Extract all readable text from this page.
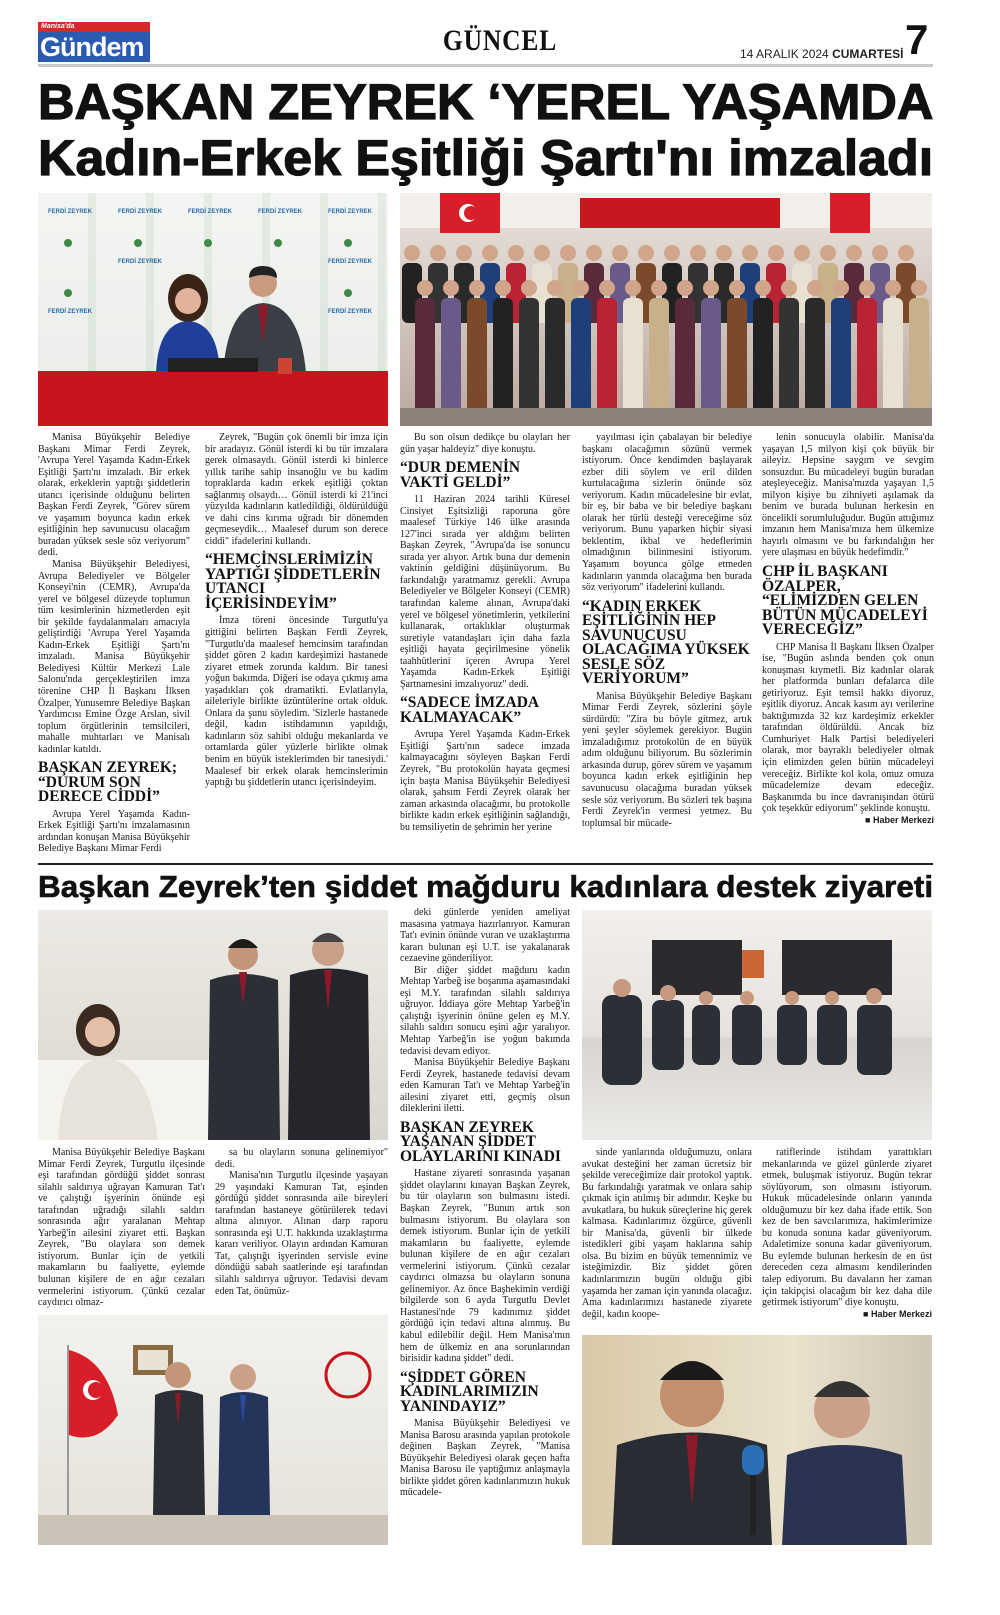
Manisa'da
Gündem	GÜNCEL	14 ARALIK 2024 CUMARTESİ 7
BAŞKAN ZEYREK ‘YEREL YAŞAMDA
Kadın-Erkek Eşitliği Şartı'nı imzaladı
FERDİ ZEYREK	FERDİ ZEYREK	FERDİ ZEYREK	FERDİ ZEYREK	FERDİ ZEYREK
FERDİ ZEYREK
FERDİ ZEYREK
FERDİ ZEYREK
FERDİ ZEYREK

Manisa Büyükşehir Belediye Başkanı Mimar Ferdi Zeyrek, 'Avrupa Yerel Yaşamda Kadın-Erkek Eşitliği Şartı'nı imzaladı. Bir erkek olarak, erkeklerin yaptığı şiddetlerin utancı içerisinde olduğunu belirten Başkan Ferdi Zeyrek, "Görev sürem ve yaşamım boyunca kadın erkek eşitliğinin hep savunucusu olacağım buradan yüksek sesle söz veriyorum" dedi.

Manisa Büyükşehir Belediyesi, Avrupa Belediyeler ve Bölgeler Konseyi'nin (CEMR), Avrupa'da yerel ve bölgesel düzeyde toplumun tüm kesimlerinin hizmetlerden eşit bir şekilde faydalanmaları amacıyla geliştirdiği 'Avrupa Yerel Yaşamda Kadın-Erkek Eşitliği Şartı'nı imzaladı. Manisa Büyükşehir Belediyesi Kültür Merkezi Lale Salonu'nda gerçekleştirilen imza törenine CHP İl Başkanı İlksen Özalper, Yunusemre Belediye Başkan Yardımcısı Emine Özge Arslan, sivil toplum örgütlerinin temsilcileri, mahalle muhtarları ve Manisalı kadınlar katıldı.

BAŞKAN ZEYREK; “DURUM SON DERECE CİDDİ”

Avrupa Yerel Yaşamda Kadın-Erkek Eşitliği Şartı'nı imzalamasının ardından konuşan Manisa Büyükşehir Belediye Başkanı Mimar Ferdi

Zeyrek, "Bugün çok önemli bir imza için bir aradayız. Gönül isterdi ki bu tür imzalara gerek olmasaydı. Gönül isterdi ki binlerce yıllık tarihe sahip insanoğlu ve bu kadim topraklarda kadın erkek eşitliği çoktan sağlanmış olsaydı… Gönül isterdi ki 21'inci yüzyılda kadınların katledildiği, öldürüldüğü ve dahi cins kırıma uğradı bir dönemden geçmeseydik… Maalesef durum son derece ciddi" ifadelerini kullandı.

“HEMCİNSLERİMİZİN YAPTIĞI ŞİDDETLERİN UTANCI İÇERİSİNDEYİM”

İmza töreni öncesinde Turgutlu'ya gittiğini belirten Başkan Ferdi Zeyrek, "Turgutlu'da maalesef hemcinsim tarafından şiddet gören 2 kadın kardeşimizi hastanede ziyaret etmek zorunda kaldım. Bir tanesi yoğun bakımda. Diğeri ise odaya çıkmış ama yaşadıkları çok dramatikti. Evlatlarıyla, aileleriyle birlikte üzüntülerine ortak olduk. Onlara da şunu söyledim. 'Sizlerle hastanede değil, kadın istihdamının yapıldığı, kadınların söz sahibi olduğu mekanlarda ve ortamlarda güler yüzlerle birlikte olmak benim en büyük isteklerimden bir tanesiydi.' Maalesef bir erkek olarak hemcinslerimin yaptığı bu şiddetlerin utancı içerisindeyim.

Bu son olsun dedikçe bu olayları her gün yaşar haldeyiz" diye konuştu.

“DUR DEMENİN VAKTİ GELDİ”

11 Haziran 2024 tarihli Küresel Cinsiyet Eşitsizliği raporuna göre maalesef Türkiye 146 ülke arasında 127'inci sırada yer aldığını belirten Başkan Zeyrek, "Avrupa'da ise sonuncu sırada yer alıyor. Artık buna dur demenin vaktinin geldiğini düşünüyorum. Bu farkındalığı yaratmamız gerekli. Avrupa Belediyeler ve Bölgeler Konseyi (CEMR) tarafından kaleme alınan, Avrupa'daki yerel ve bölgesel yönetimlerin, yetkilerini kullanarak, ortaklıklar oluşturmak suretiyle vatandaşları için daha fazla eşitliği hayata geçirilmesine yönelik taahhütlerini içeren Avrupa Yerel Yaşamda Kadın-Erkek Eşitliği Şartnamesini imzalıyoruz" dedi.

“SADECE İMZADA KALMAYACAK”

Avrupa Yerel Yaşamda Kadın-Erkek Eşitliği Şartı'nın sadece imzada kalmayacağını söyleyen Başkan Ferdi Zeyrek, "Bu protokolün hayata geçmesi için başta Manisa Büyükşehir Belediyesi olarak, şahsım Ferdi Zeyrek olarak her zaman arkasında olacağımı, bu protokolle birlikte kadın erkek eşitliğinin sağlandığı, bu temsiliyetin de şehrimin her yerine

yayılması için çabalayan bir belediye başkanı olacağımın sözünü vermek istiyorum. Önce kendimden başlayarak ezber dili söylem ve eril dilden kurtulacağıma sizlerin önünde söz veriyorum. Kadın mücadelesine bir evlat, bir eş, bir baba ve bir belediye başkanı olarak her türlü desteği vereceğime söz veriyorum. Bunu yaparken hiçbir siyasi beklentim, ikbal ve hedeflerimin olmadığının bilinmesini istiyorum. Yaşamım boyunca gölge etmeden kadınların yanında olacağıma ben burada söz veriyorum" ifadelerini kullandı.

“KADIN ERKEK EŞİTLİĞİNİN HEP SAVUNUCUSU OLACAĞIMA YÜKSEK SESLE SÖZ VERİYORUM”

Manisa Büyükşehir Belediye Başkanı Mimar Ferdi Zeyrek, sözlerini şöyle sürdürdü: "Zira bu böyle gitmez, artık yeni şeyler söylemek gerekiyor. Bugün imzaladığımız protokolün de en büyük adım olduğunu biliyorum. Bu sözlerimin arkasında durup, görev sürem ve yaşamım boyunca kadın erkek eşitliğinin hep savunucusu olacağıma buradan yüksek sesle söz veriyorum. Bu sözleri tek başına Ferdi Zeyrek'in vermesi yetmez. Bu toplumsal bir mücade-

lenin sonucuyla olabilir. Manisa'da yaşayan 1,5 milyon kişi çok büyük bir aileyiz. Hepsine saygım ve sevgim sonsuzdur. Bu mücadeleyi bugün buradan ateşleyeceğiz. Manisa'mızda yaşayan 1,5 milyon kişiye bu zihniyeti aşılamak da benim ve burada bulunan herkesin en öncelikli sorumluluğudur. Bugün attığımız imzanın hem Manisa'mıza hem ülkemize hayırlı olmasını ve bu farkındalığın her yere ulaşması en büyük hedefimdir."

CHP İL BAŞKANI ÖZALPER, “ELİMİZDEN GELEN BÜTÜN MÜCADELEYİ VERECEĞİZ”

CHP Manisa İl Başkanı İlksen Özalper ise, "Bugün aslında benden çok onun konuşması kıymetli. Biz kadınlar olarak her platformda bunları defalarca dile getiriyoruz. Eşit temsil hakkı diyoruz, eşitlik diyoruz. Ancak kasım ayı verilerine baktığımızda 32 kız kardeşimiz erkekler tarafından öldürüldü. Ancak biz Cumhuriyet Halk Partisi belediyeleri olarak, mor bayraklı belediyeler olmak için elimizden gelen bütün mücadeleyi vereceğiz. Birlikte kol kola, omuz omuza mücadelemize devam edeceğiz. Başkanımda bu ince davranışından ötürü çok teşekkür ediyorum" şeklinde konuştu.

■ Haber Merkezi

Başkan Zeyrek’ten şiddet mağduru kadınlara destek ziyareti

Manisa Büyükşehir Belediye Başkanı Mimar Ferdi Zeyrek, Turgutlu ilçesinde eşi tarafından gördüğü şiddet sonrası silahlı saldırıya uğrayan Kamuran Tat'ı ve çalıştığı işyerinin önünde eşi tarafından uğradığı silahlı saldırı sonrasında ağır yaralanan Mehtap Yarbeğ'in ailesini ziyaret etti. Başkan Zeyrek, "Bu olaylara son demek istiyorum. Bunlar için de yetkili makamların bu faaliyette, eylemde bulunan kişilere de en ağır cezaları vermelerini istiyorum. Çünkü cezalar caydırıcı olmaz-

sa bu olayların sonuna gelinemiyor" dedi.

Manisa'nın Turgutlu ilçesinde yaşayan 29 yaşındaki Kamuran Tat, eşinden gördüğü şiddet sonrasında aile bireyleri tarafından hastaneye götürülerek tedavi altına alınıyor. Alınan darp raporu sonrasında eşi U.T. hakkında uzaklaştırma kararı veriliyor. Olayın ardından Kamuran Tat, çalıştığı işyerinden servisle evine döndüğü sabah saatlerinde eşi tarafından silahlı saldırıya uğruyor. Tedavisi devam eden Tat, önümüz-

deki günlerde yeniden ameliyat masasına yatmaya hazırlanıyor. Kamuran Tat'ı evinin önünde vuran ve uzaklaştırma kararı bulunan eşi U.T. ise yakalanarak cezaevine gönderiliyor.

Bir diğer şiddet mağduru kadın Mehtap Yarbeğ ise boşanma aşamasındaki eşi M.Y. tarafından silahlı saldırıya uğruyor. İddiaya göre Mehtap Yarbeğ'in çalıştığı işyerinin önüne gelen eş M.Y. silahlı saldırı sonucu eşini ağır yaralıyor. Mehtap Yarbeğ'in ise yoğun bakımda tedavisi devam ediyor.

Manisa Büyükşehir Belediye Başkanı Ferdi Zeyrek, hastanede tedavisi devam eden Kamuran Tat'ı ve Mehtap Yarbeğ'in ailesini ziyaret etti, geçmiş olsun dileklerini iletti.

BAŞKAN ZEYREK YAŞANAN ŞİDDET OLAYLARINI KINADI

Hastane ziyareti sonrasında yaşanan şiddet olaylarını kınayan Başkan Zeyrek, bu tür olayların son bulmasını istedi. Başkan Zeyrek, "Bunun artık son bulmasını istiyorum. Bu olaylara son demek istiyorum. Bunlar için de yetkili makamların bu faaliyette, eylemde bulunan kişilere de en ağır cezaları vermelerini istiyorum. Çünkü cezalar caydırıcı olmazsa bu olayların sonuna gelinemiyor. Az önce Başhekimin verdiği bilgilerde son 6 ayda Turgutlu Devlet Hastanesi'nde 79 kadınımız şiddet gördüğü için tedavi altına alınmış. Bu kabul edilebilir değil. Hem Manisa'mın hem de ülkemiz en ana sorunlarından birisidir kadına şiddet" dedi.

“ŞİDDET GÖREN KADINLARIMIZIN YANINDAYIZ”

Manisa Büyükşehir Belediyesi ve Manisa Barosu arasında yapılan protokole değinen Başkan Zeyrek, "Manisa Büyükşehir Belediyesi olarak geçen hafta Manisa Barosu ile yaptığımız anlaşmayla birlikte şiddet gören kadınlarımızın hukuk mücadele-

sinde yanlarında olduğumuzu, onlara avukat desteğini her zaman ücretsiz bir şekilde vereceğimize dair protokol yaptık. Bu farkındalığı yaratmak ve onlara sahip çıkmak için atılmış bir adımdır. Keşke bu avukatlara, bu hukuk süreçlerine hiç gerek kalmasa. Kadınlarımız özgürce, güvenli bir Manisa'da, güvenli bir ülkede istedikleri gibi yaşam haklarına sahip olsa. Bu bizim en büyük temennimiz ve isteğimizdir. Biz şiddet gören kadınlarımızın bugün olduğu gibi yaşamda her zaman için yanında olacağız. Ama kadınlarımızı hastanede ziyarete değil, kadın koope-

ratiflerinde istihdam yarattıkları mekanlarında ve güzel günlerde ziyaret etmek, buluşmak istiyoruz. Bugün tekrar söylüyorum, son olmasını istiyorum. Hukuk mücadelesinde onların yanında olduğumuzu bir kez daha ifade ettik. Son kez de ben savcılarımıza, hakimlerimize bu konuda sonuna kadar güveniyorum. Adaletimize sonuna kadar güveniyorum. Bu eylemde bulunan herkesin de en üst dereceden ceza almasını kendilerinden talep ediyorum. Bu davaların her zaman için takipçisi olacağım bir kez daha dile getirmek istiyorum" diye konuştu.

■ Haber Merkezi
